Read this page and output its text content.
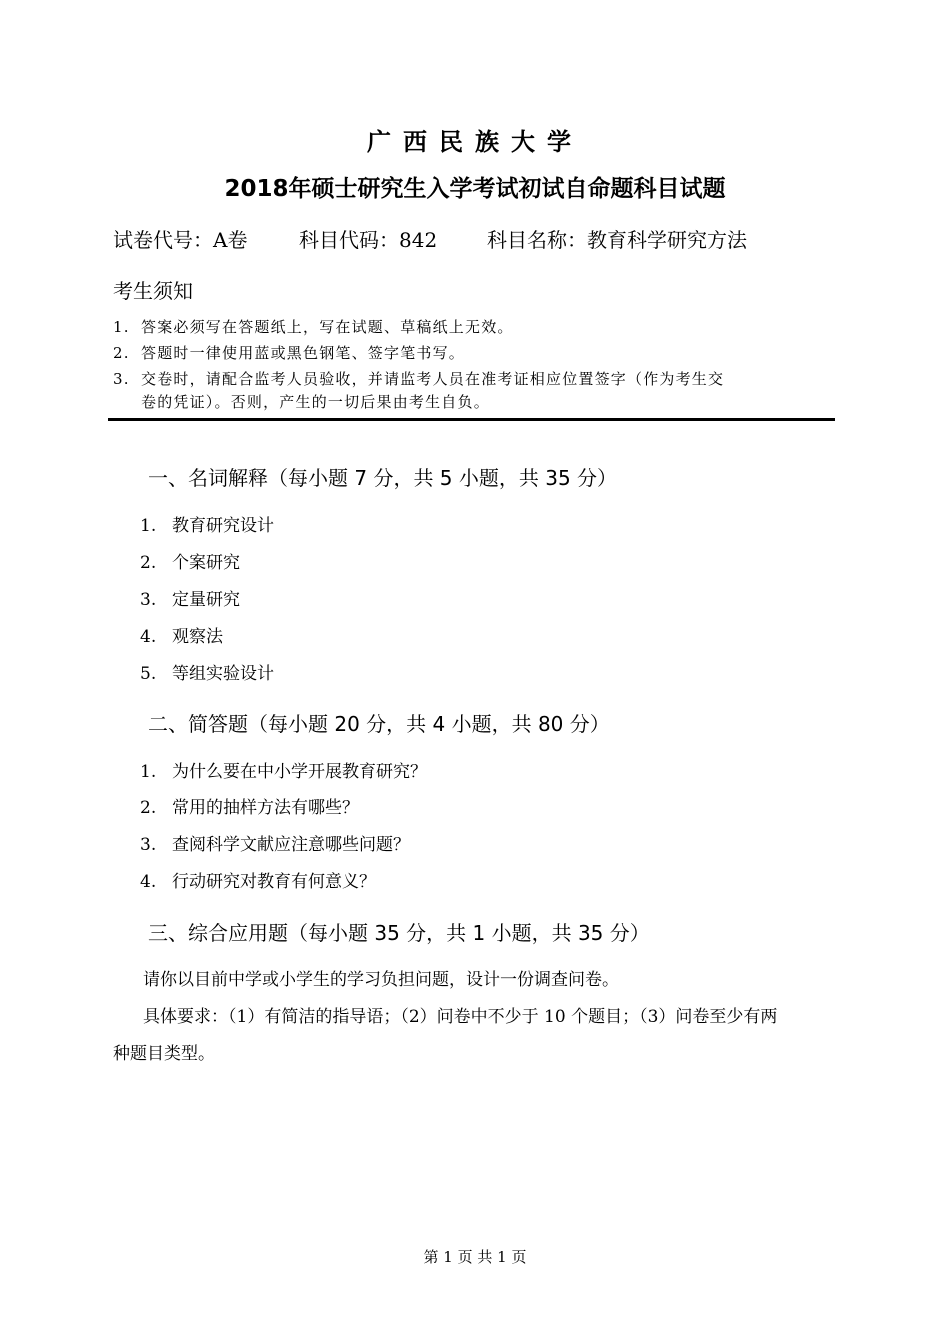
广西民族大学
2018年硕士研究生入学考试初试自命题科目试题
试卷代号：A卷	科目代码：842 科目名称：教育科学研究方法
考生须知
1. 答案必须写在答题纸上，写在试题、草稿纸上无效。
2. 答题时一律使用蓝或黑色钢笔、签字笔书写。
3. 交卷时，请配合监考人员验收，并请监考人员在准考证相应位置签字（作为考生交
卷的凭证）。否则，产生的一切后果由考生自负。
一、名词解释（每小题 7 分，共 5 小题，共 35 分）
1. 教育研究设计
2. 个案研究
3. 定量研究
4. 观察法
5. 等组实验设计
二、简答题（每小题 20 分，共 4 小题，共 80 分）
1. 为什么要在中小学开展教育研究？
2. 常用的抽样方法有哪些？
3. 查阅科学文献应注意哪些问题？
4. 行动研究对教育有何意义？
三、综合应用题（每小题 35 分，共 1 小题，共 35 分）
请你以目前中学或小学生的学习负担问题，设计一份调查问卷。
具体要求：（1）有简洁的指导语；（2）问卷中不少于 10 个题目；（3）问卷至少有两
种题目类型。
第 1 页 共 1 页
